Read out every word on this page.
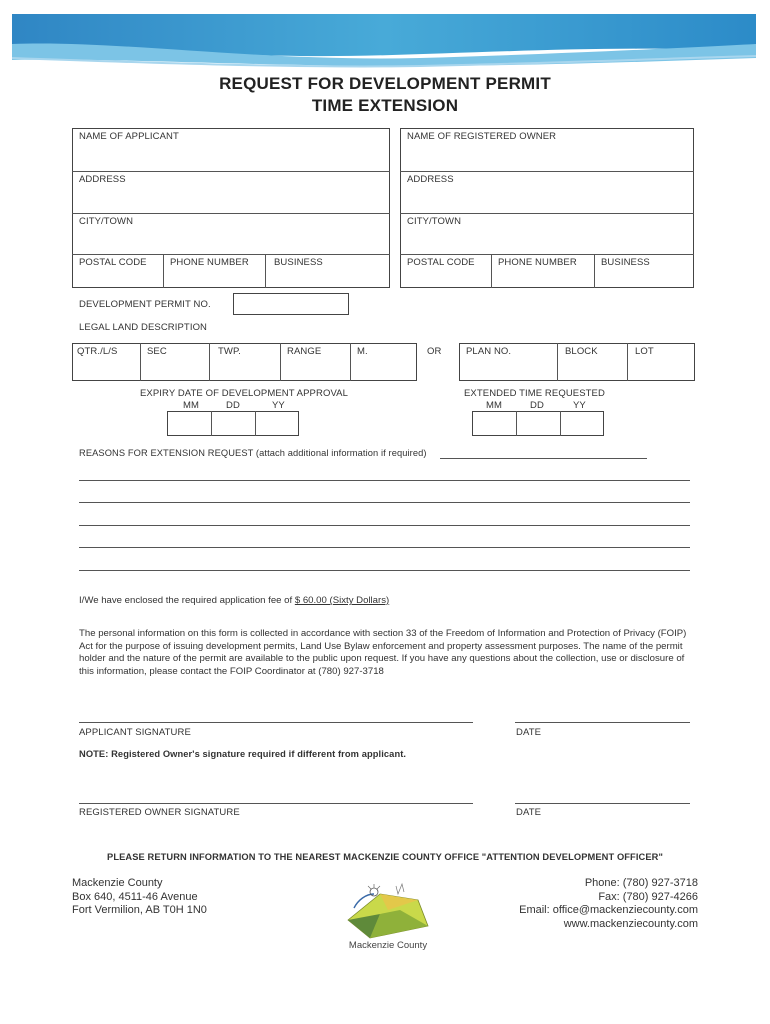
REQUEST FOR DEVELOPMENT PERMIT
TIME EXTENSION
NAME OF APPLICANT
ADDRESS
CITY/TOWN
POSTAL CODE PHONE NUMBER	BUSINESS
NAME OF REGISTERED OWNER
ADDRESS
CITY/TOWN
POSTAL CODE PHONE NUMBER	BUSINESS
DEVELOPMENT PERMIT NO.
LEGAL LAND DESCRIPTION
QTR./L/S	SEC	TWP.	RANGE	M.	OR	PLAN NO.	BLOCK	LOT
EXPIRY DATE OF DEVELOPMENT APPROVAL
MM	DD	YY
EXTENDED TIME REQUESTED
MM	DD	YY
REASONS FOR EXTENSION REQUEST (attach additional information if required)
I/We have enclosed the required application fee of $ 60.00 (Sixty Dollars)
The personal information on this form is collected in accordance with section 33 of the Freedom of Information and Protection of Privacy (FOIP) Act for the purpose of issuing development permits, Land Use Bylaw enforcement and property assessment purposes. The name of the permit holder and the nature of the permit are available to the public upon request. If you have any questions about the collection, use or disclosure of this information, please contact the FOIP Coordinator at (780) 927-3718
APPLICANT SIGNATURE	DATE
NOTE: Registered Owner's signature required if different from applicant.
REGISTERED OWNER SIGNATURE	DATE
PLEASE RETURN INFORMATION TO THE NEAREST MACKENZIE COUNTY OFFICE "ATTENTION DEVELOPMENT OFFICER"
Mackenzie County
Box 640, 4511-46 Avenue
Fort Vermilion, AB T0H 1N0
Mackenzie County
Phone: (780) 927-3718
Fax: (780) 927-4266
Email: office@mackenziecounty.com
www.mackenziecounty.com
